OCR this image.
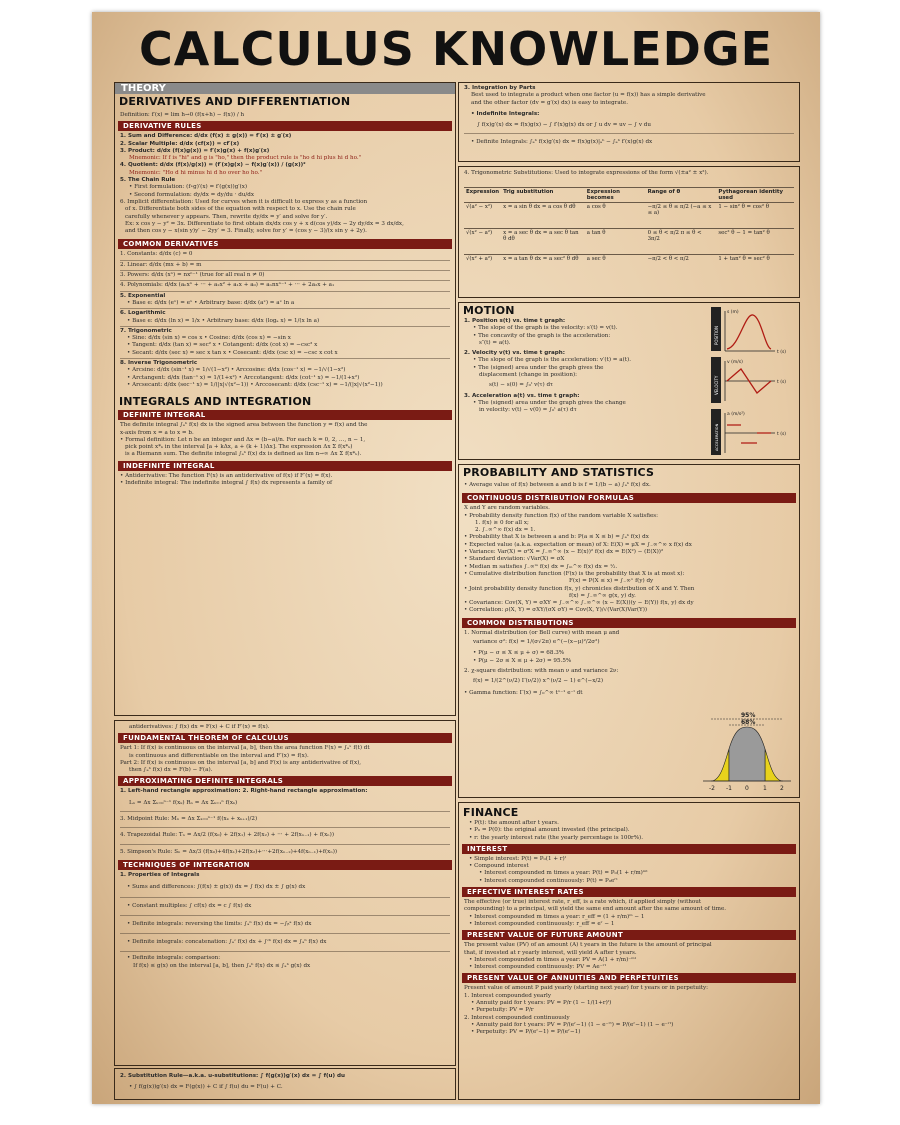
CALCULUS KNOWLEDGE
THEORY
DERIVATIVES AND DIFFERENTIATION
Definition: f′(x) = lim h→0 (f(x+h) − f(x)) / h
DERIVATIVE RULES
1. Sum and Difference: d/dx (f(x) ± g(x)) = f′(x) ± g′(x)
2. Scalar Multiple: d/dx (cf(x)) = cf′(x)
3. Product: d/dx (f(x)g(x)) = f′(x)g(x) + f(x)g′(x)
Mnemonic: If f is "hi" and g is "ho," then the product rule is "ho d hi plus hi d ho."
4. Quotient: d/dx (f(x)/g(x)) = (f′(x)g(x) − f(x)g′(x)) / (g(x))²
Mnemonic: "Ho d hi minus hi d ho over ho ho."
5. The Chain Rule
• First formulation: (f∘g)′(x) = f′(g(x))g′(x)
• Second formulation: dy/dx = dy/du · du/dx
6. Implicit differentiation: Used for curves when it is difficult to express y as a function
of x. Differentiate both sides of the equation with respect to x. Use the chain rule
carefully whenever y appears. Then, rewrite dy/dx = y′ and solve for y′.
Ex: x cos y − y² = 3x. Differentiate to first obtain dx/dx cos y + x d(cos y)/dx − 2y dy/dx = 3 dx/dx,
and then cos y − x(sin y)y′ − 2yy′ = 3. Finally, solve for y′ = (cos y − 3)/(x sin y + 2y).
COMMON DERIVATIVES
1. Constants: d/dx (c) = 0
2. Linear: d/dx (mx + b) = m
3. Powers: d/dx (xⁿ) = nxⁿ⁻¹ (true for all real n ≠ 0)
4. Polynomials: d/dx (aₙxⁿ + ··· + a₂x² + a₁x + a₀) = aₙnxⁿ⁻¹ + ··· + 2a₂x + a₁
5. Exponential
• Base e: d/dx (eˣ) = eˣ • Arbitrary base: d/dx (aˣ) = aˣ ln a
6. Logarithmic
• Base e: d/dx (ln x) = 1/x • Arbitrary base: d/dx (logₐ x) = 1/(x ln a)
7. Trigonometric
• Sine: d/dx (sin x) = cos x • Cosine: d/dx (cos x) = −sin x
• Tangent: d/dx (tan x) = sec² x • Cotangent: d/dx (cot x) = −csc² x
• Secant: d/dx (sec x) = sec x tan x • Cosecant: d/dx (csc x) = −csc x cot x
8. Inverse Trigonometric
• Arcsine: d/dx (sin⁻¹ x) = 1/√(1−x²) • Arccosine: d/dx (cos⁻¹ x) = −1/√(1−x²)
• Arctangent: d/dx (tan⁻¹ x) = 1/(1+x²) • Arccotangent: d/dx (cot⁻¹ x) = −1/(1+x²)
• Arcsecant: d/dx (sec⁻¹ x) = 1/(|x|√(x²−1)) • Arccosecant: d/dx (csc⁻¹ x) = −1/(|x|√(x²−1))
INTEGRALS AND INTEGRATION
DEFINITE INTEGRAL
The definite integral ∫ₐᵇ f(x) dx is the signed area between the function y = f(x) and the
x-axis from x = a to x = b.
• Formal definition: Let n be an integer and Δx = (b−a)/n. For each k = 0, 2, …, n − 1,
pick point x*ₖ in the interval [a + kΔx, a + (k + 1)Δx]. The expression Δx Σ f(x*ₖ)
is a Riemann sum. The definite integral ∫ₐᵇ f(x) dx is defined as lim n→∞ Δx Σ f(x*ₖ).
INDEFINITE INTEGRAL
• Antiderivative: The function F(x) is an antiderivative of f(x) if F′(x) = f(x).
• Indefinite integral: The indefinite integral ∫ f(x) dx represents a family of
antiderivatives: ∫ f(x) dx = F(x) + C if F′(x) = f(x).
FUNDAMENTAL THEOREM OF CALCULUS
Part 1: If f(x) is continuous on the interval [a, b], then the area function F(x) = ∫ₐˣ f(t) dt
is continuous and differentiable on the interval and F′(x) = f(x).
Part 2: If f(x) is continuous on the interval [a, b] and F(x) is any antiderivative of f(x),
then ∫ₐᵇ f(x) dx = F(b) − F(a).
APPROXIMATING DEFINITE INTEGRALS
1. Left-hand rectangle approximation: 2. Right-hand rectangle approximation:
Lₙ = Δx Σₖ₌₀ⁿ⁻¹ f(xₖ) Rₙ = Δx Σₖ₌₁ⁿ f(xₖ)
3. Midpoint Rule: Mₙ = Δx Σₖ₌₀ⁿ⁻¹ f((xₖ + xₖ₊₁)/2)
4. Trapezoidal Rule: Tₙ = Δx/2 (f(x₀) + 2f(x₁) + 2f(x₂) + ··· + 2f(xₙ₋₁) + f(xₙ))
5. Simpson's Rule: Sₙ = Δx/3 (f(x₀)+4f(x₁)+2f(x₂)+···+2f(xₙ₋₂)+4f(xₙ₋₁)+f(xₙ))
TECHNIQUES OF INTEGRATION
1. Properties of Integrals
• Sums and differences: ∫(f(x) ± g(x)) dx = ∫ f(x) dx ± ∫ g(x) dx
• Constant multiples: ∫ cf(x) dx = c ∫ f(x) dx
• Definite integrals: reversing the limits: ∫ₐᵇ f(x) dx = −∫ᵦᵃ f(x) dx
• Definite integrals: concatenation: ∫ₐᶜ f(x) dx + ∫ᶜᵇ f(x) dx = ∫ₐᵇ f(x) dx
• Definite integrals: comparison:
If f(x) ≤ g(x) on the interval [a, b], then ∫ₐᵇ f(x) dx ≤ ∫ₐᵇ g(x) dx
2. Substitution Rule—a.k.a. u-substitutions: ∫ f(g(x))g′(x) dx = ∫ f(u) du
• ∫ f(g(x))g′(x) dx = F(g(x)) + C if ∫ f(u) du = F(u) + C.
3. Integration by Parts
Best used to integrate a product when one factor (u = f(x)) has a simple derivative
and the other factor (dv = g′(x) dx) is easy to integrate.
• Indefinite Integrals:
∫ f(x)g′(x) dx = f(x)g(x) − ∫ f′(x)g(x) dx or ∫ u dv = uv − ∫ v du
• Definite Integrals: ∫ₐᵇ f(x)g′(x) dx = f(x)g(x)|ₐᵇ − ∫ₐᵇ f′(x)g(x) dx
4. Trigonometric Substitutions: Used to integrate expressions of the form √(±a² ± x²).
Expression	Trig substitution	Expression becomes	Range of θ	Pythagorean identity used
√(a² − x²)	x = a sin θ dx = a cos θ dθ	a cos θ	−π/2 ≤ θ ≤ π/2 (−a ≤ x ≤ a)	1 − sin² θ = cos² θ
√(x² − a²)	x = a sec θ dx = a sec θ tan θ dθ	a tan θ	0 ≤ θ < π/2 π ≤ θ < 3π/2	sec² θ − 1 = tan² θ
√(x² + a²)	x = a tan θ dx = a sec² θ dθ	a sec θ	−π/2 < θ < π/2	1 + tan² θ = sec² θ
MOTION
1. Position s(t) vs. time t graph:
• The slope of the graph is the velocity: s′(t) = v(t).
• The concavity of the graph is the acceleration:
s″(t) = a(t).
2. Velocity v(t) vs. time t graph:
• The slope of the graph is the acceleration: v′(t) = a(t).
• The (signed) area under the graph gives the
displacement (change in position):
s(t) − s(0) = ∫₀ᵗ v(τ) dτ
3. Acceleration a(t) vs. time t graph:
• The (signed) area under the graph gives the change
in velocity: v(t) − v(0) = ∫₀ᵗ a(τ) dτ
POSITION
s (m)
t (s)
VELOCITY
v (m/s)
t (s)
ACCELERATION
a (m/s²)
t (s)
PROBABILITY AND STATISTICS
• Average value of f(x) between a and b is f̄ = 1/(b − a) ∫ₐᵇ f(x) dx.
CONTINUOUS DISTRIBUTION FORMULAS
X and Y are random variables.
• Probability density function f(x) of the random variable X satisfies:
1. f(x) ≥ 0 for all x;
2. ∫₋∞^∞ f(x) dx = 1.
• Probability that X is between a and b: P(a ≤ X ≤ b) = ∫ₐᵇ f(x) dx
• Expected value (a.k.a. expectation or mean) of X: E(X) = μX = ∫₋∞^∞ x f(x) dx
• Variance: Var(X) = σ²X = ∫₋∞^∞ (x − E(x))² f(x) dx = E(X²) − (E(X))²
• Standard deviation: √Var(X) = σX
• Median m satisfies ∫₋∞ᵐ f(x) dx = ∫ₘ^∞ f(x) dx = ½.
• Cumulative distribution function (F(x) is the probability that X is at most x):
F(x) = P(X ≤ x) = ∫₋∞ˣ f(y) dy
• Joint probability density function f(x, y) chronicles distribution of X and Y. Then
f(x) = ∫₋∞^∞ g(x, y) dy.
• Covariance: Cov(X, Y) = σXY = ∫₋∞^∞ ∫₋∞^∞ (x − E(X))(y − E(Y)) f(x, y) dx dy
• Correlation: ρ(X, Y) = σXY/(σX σY) = Cov(X, Y)/√(Var(X)Var(Y))
COMMON DISTRIBUTIONS
1. Normal distribution (or Bell curve) with mean μ and
variance σ²: f(x) = 1/(σ√2π) e^(−(x−μ)²/2σ²)
• P(μ − σ ≤ X ≤ μ + σ) = 68.3%
• P(μ − 2σ ≤ X ≤ μ + 2σ) = 95.5%
2. χ-square distribution: with mean ν and variance 2ν:
f(x) = 1/(2^(ν/2) Γ(ν/2)) x^(ν/2 − 1) e^(−x/2)
• Gamma function: Γ(x) = ∫₀^∞ tˣ⁻¹ e⁻ᵗ dt
95%
68%
-2 -1 0 1 2
FINANCE
• P(t): the amount after t years.
• P₀ = P(0): the original amount invested (the principal).
• r: the yearly interest rate (the yearly percentage is 100r%).
INTEREST
• Simple interest: P(t) = P₀(1 + r)ᵗ
• Compound interest
• Interest compounded m times a year: P(t) = P₀(1 + r/m)ᵐᵗ
• Interest compounded continuously: P(t) = P₀eʳᵗ
EFFECTIVE INTEREST RATES
The effective (or true) interest rate, r_eff, is a rate which, if applied simply (without
compounding) to a principal, will yield the same end amount after the same amount of time.
• Interest compounded m times a year: r_eff = (1 + r/m)ᵐ − 1
• Interest compounded continuously: r_eff = eʳ − 1
PRESENT VALUE OF FUTURE AMOUNT
The present value (PV) of an amount (A) t years in the future is the amount of principal
that, if invested at r yearly interest, will yield A after t years.
• Interest compounded m times a year: PV = A(1 + r/m)⁻ᵐᵗ
• Interest compounded continuously: PV = Ae⁻ʳᵗ
PRESENT VALUE OF ANNUITIES AND PERPETUITIES
Present value of amount P paid yearly (starting next year) for t years or in perpetuity:
1. Interest compounded yearly
• Annuity paid for t years: PV = P/r (1 − 1/(1+r)ᵗ)
• Perpetuity: PV = P/r
2. Interest compounded continuously
• Annuity paid for t years: PV = P/(eʳ−1) (1 − e⁻ʳᵗ) = P/(eʳ−1) (1 − e⁻ʳᵗ)
• Perpetuity: PV = P/(eʳ−1) = P/(eʳ−1)
